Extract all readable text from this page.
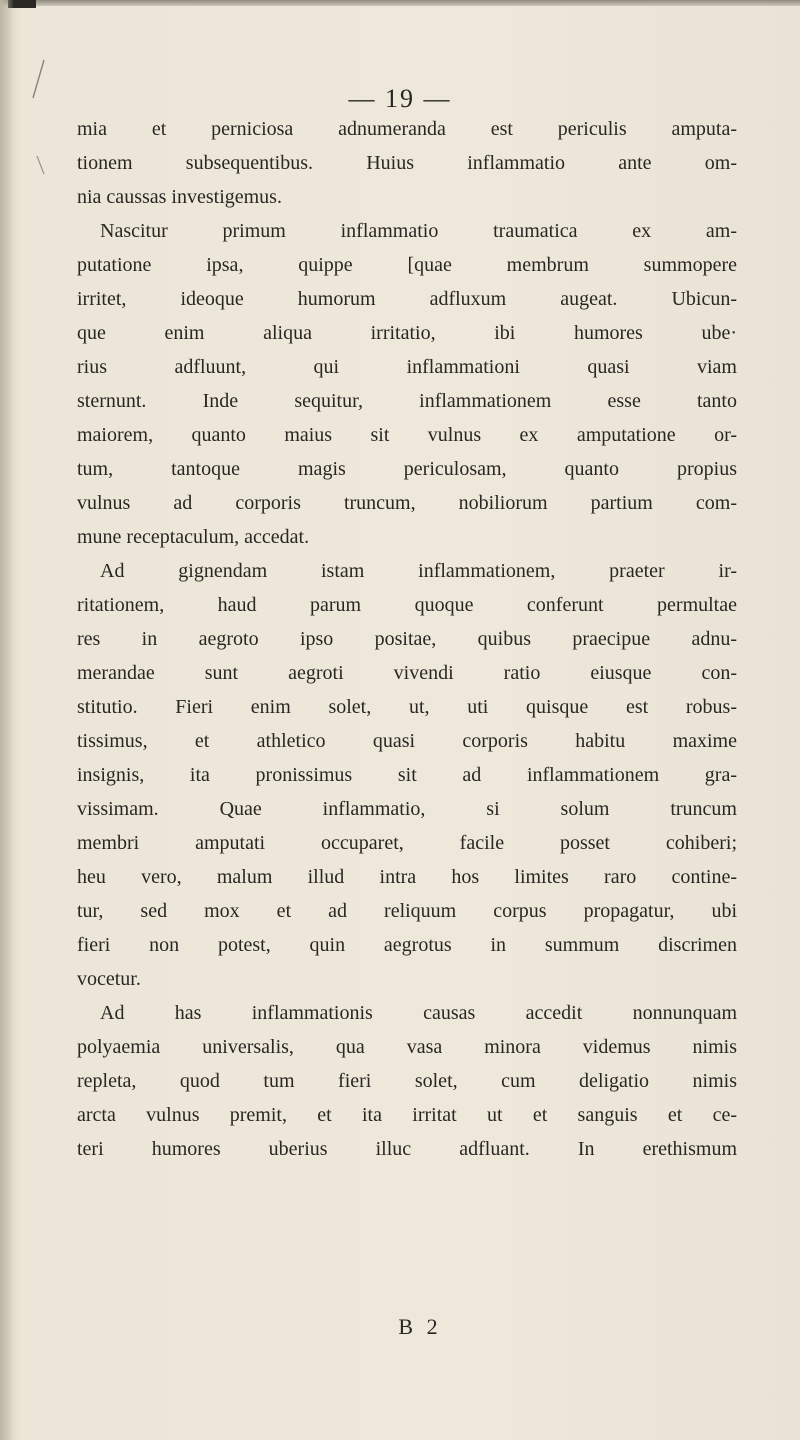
— 19 —
mia et perniciosa adnumeranda est periculis amputa-
tionem subsequentibus. Huius inflammatio ante om-
nia caussas investigemus.
Nascitur primum inflammatio traumatica ex am-
putatione ipsa, quippe [quae membrum summopere
irritet, ideoque humorum adfluxum augeat. Ubicun-
que enim aliqua irritatio, ibi humores ube·
rius adfluunt, qui inflammationi quasi viam
sternunt. Inde sequitur, inflammationem esse tanto
maiorem, quanto maius sit vulnus ex amputatione or-
tum, tantoque magis periculosam, quanto propius
vulnus ad corporis truncum, nobiliorum partium com-
mune receptaculum, accedat.
Ad gignendam istam inflammationem, praeter ir-
ritationem, haud parum quoque conferunt permultae
res in aegroto ipso positae, quibus praecipue adnu-
merandae sunt aegroti vivendi ratio eiusque con-
stitutio. Fieri enim solet, ut, uti quisque est robus-
tissimus, et athletico quasi corporis habitu maxime
insignis, ita pronissimus sit ad inflammationem gra-
vissimam. Quae inflammatio, si solum truncum
membri amputati occuparet, facile posset cohiberi;
heu vero, malum illud intra hos limites raro contine-
tur, sed mox et ad reliquum corpus propagatur, ubi
fieri non potest, quin aegrotus in summum discrimen
vocetur.
Ad has inflammationis causas accedit nonnunquam
polyaemia universalis, qua vasa minora videmus nimis
repleta, quod tum fieri solet, cum deligatio nimis
arcta vulnus premit, et ita irritat ut et sanguis et ce-
teri humores uberius illuc adfluant. In erethismum
B 2
